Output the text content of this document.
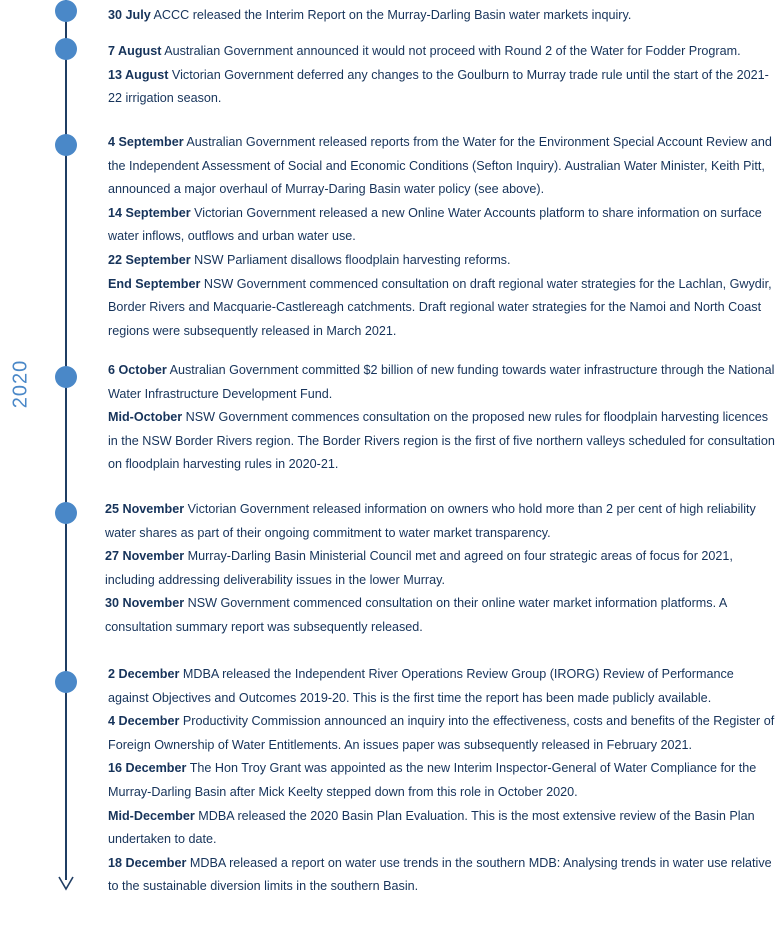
2020
30 July ACCC released the Interim Report on the Murray-Darling Basin water markets inquiry.
7 August Australian Government announced it would not proceed with Round 2 of the Water for Fodder Program.
13 August Victorian Government deferred any changes to the Goulburn to Murray trade rule until the start of the 2021-22 irrigation season.
4 September Australian Government released reports from the Water for the Environment Special Account Review and the Independent Assessment of Social and Economic Conditions (Sefton Inquiry). Australian Water Minister, Keith Pitt, announced a major overhaul of Murray-Daring Basin water policy (see above).
14 September Victorian Government released a new Online Water Accounts platform to share information on surface water inflows, outflows and urban water use.
22 September NSW Parliament disallows floodplain harvesting reforms.
End September NSW Government commenced consultation on draft regional water strategies for the Lachlan, Gwydir, Border Rivers and Macquarie-Castlereagh catchments. Draft regional water strategies for the Namoi and North Coast regions were subsequently released in March 2021.
6 October Australian Government committed $2 billion of new funding towards water infrastructure through the National Water Infrastructure Development Fund.
Mid-October NSW Government commences consultation on the proposed new rules for floodplain harvesting licences in the NSW Border Rivers region. The Border Rivers region is the first of five northern valleys scheduled for consultation on floodplain harvesting rules in 2020-21.
25 November Victorian Government released information on owners who hold more than 2 per cent of high reliability water shares as part of their ongoing commitment to water market transparency.
27 November Murray-Darling Basin Ministerial Council met and agreed on four strategic areas of focus for 2021, including addressing deliverability issues in the lower Murray.
30 November NSW Government commenced consultation on their online water market information platforms. A consultation summary report was subsequently released.
2 December MDBA released the Independent River Operations Review Group (IRORG) Review of Performance against Objectives and Outcomes 2019-20. This is the first time the report has been made publicly available.
4 December Productivity Commission announced an inquiry into the effectiveness, costs and benefits of the Register of Foreign Ownership of Water Entitlements. An issues paper was subsequently released in February 2021.
16 December The Hon Troy Grant was appointed as the new Interim Inspector-General of Water Compliance for the Murray-Darling Basin after Mick Keelty stepped down from this role in October 2020.
Mid-December MDBA released the 2020 Basin Plan Evaluation. This is the most extensive review of the Basin Plan undertaken to date.
18 December MDBA released a report on water use trends in the southern MDB: Analysing trends in water use relative to the sustainable diversion limits in the southern Basin.
